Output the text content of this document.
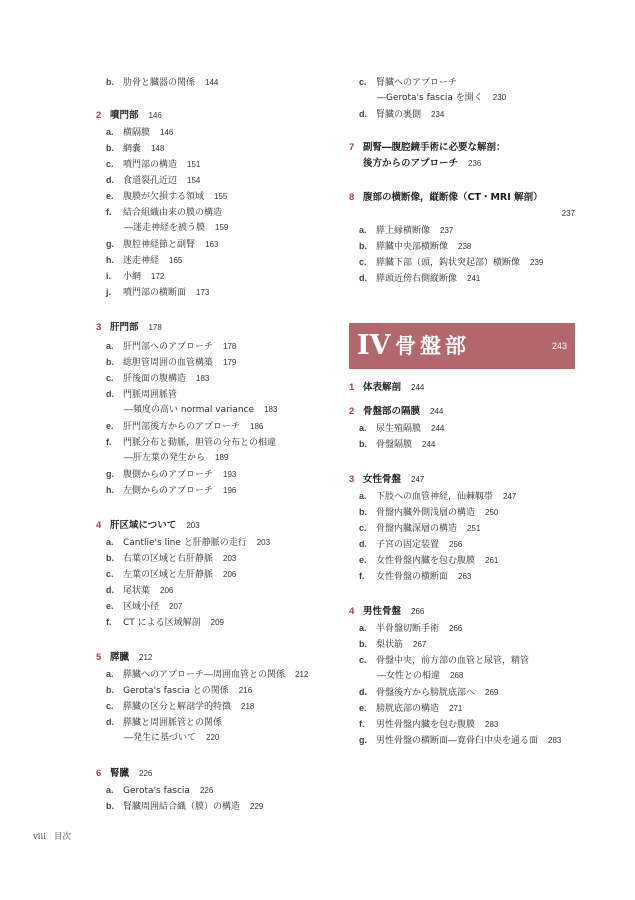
b. 肋骨と臓器の関係 144
2 噴門部 146
a. 横隔膜 146
b. 網嚢 148
c. 噴門部の構造 151
d. 食道裂孔近辺 154
e. 腹膜が欠損する領域 155
f. 結合組織由来の膜の構造
―迷走神経を被う膜 159
g. 腹腔神経節と副腎 163
h. 迷走神経 165
i. 小網 172
j. 噴門部の横断面 173
3 肝門部 178
a. 肝門部へのアプローチ 178
b. 総胆管周囲の血管構築 179
c. 肝後面の腹構造 183
d. 門脈周囲脈管
―頻度の高い normal variance 183
e. 肝門部後方からのアプローチ 186
f. 門脈分布と動脈，胆管の分布との相違
―肝左葉の発生から 189
g. 腹側からのアプローチ 193
h. 左側からのアプローチ 196
4 肝区域について 203
a. Cantlie's line と肝静脈の走行 203
b. 右葉の区域と右肝静脈 203
c. 左葉の区域と左肝静脈 206
d. 尾状葉 206
e. 区域小径 207
f. CT による区域解剖 209
5 膵臓 212
a. 膵臓へのアプローチ―周囲血管との関係 212
b. Gerota's fascia との関係 216
c. 膵臓の区分と解剖学的特徴 218
d. 膵臓と周囲脈管との関係
―発生に基づいて 220
6 腎臓 226
a. Gerota's fascia 226
b. 腎臓周囲結合織（膜）の構造 229
c. 腎臓へのアプローチ
―Gerota's fascia を開く 230
d. 腎臓の裏側 234
7 副腎―腹腔鏡手術に必要な解剖：
後方からのアプローチ 236
8 腹部の横断像，縦断像（CT・MRI 解剖）
237
a. 膵上縁横断像 237
b. 膵臓中央部横断像 238
c. 膵臓下部（頭，鈎状突起部）横断像 239
d. 膵頭近傍右側縦断像 241
1 体表解剖 244
2 骨盤部の隔膜 244
a. 尿生殖隔膜 244
b. 骨盤隔膜 244
3 女性骨盤 247
a. 下肢への血管神経，仙棘靱帯 247
b. 骨盤内臓外側浅層の構造 250
c. 骨盤内臓深層の構造 251
d. 子宮の固定装置 256
e. 女性骨盤内臓を包む腹膜 261
f. 女性骨盤の横断面 263
4 男性骨盤 266
a. 半骨盤切断手術 266
b. 梨状筋 267
c. 骨盤中央，前方部の血管と尿管，精管
―女性との相違 268
d. 骨盤後方から膀胱底部へ 269
e. 膀胱底部の構造 271
f. 男性骨盤内臓を包む腹膜 283
g. 男性骨盤の横断面―寛骨臼中央を通る面 283
IV 骨盤部	243
viii 目次
